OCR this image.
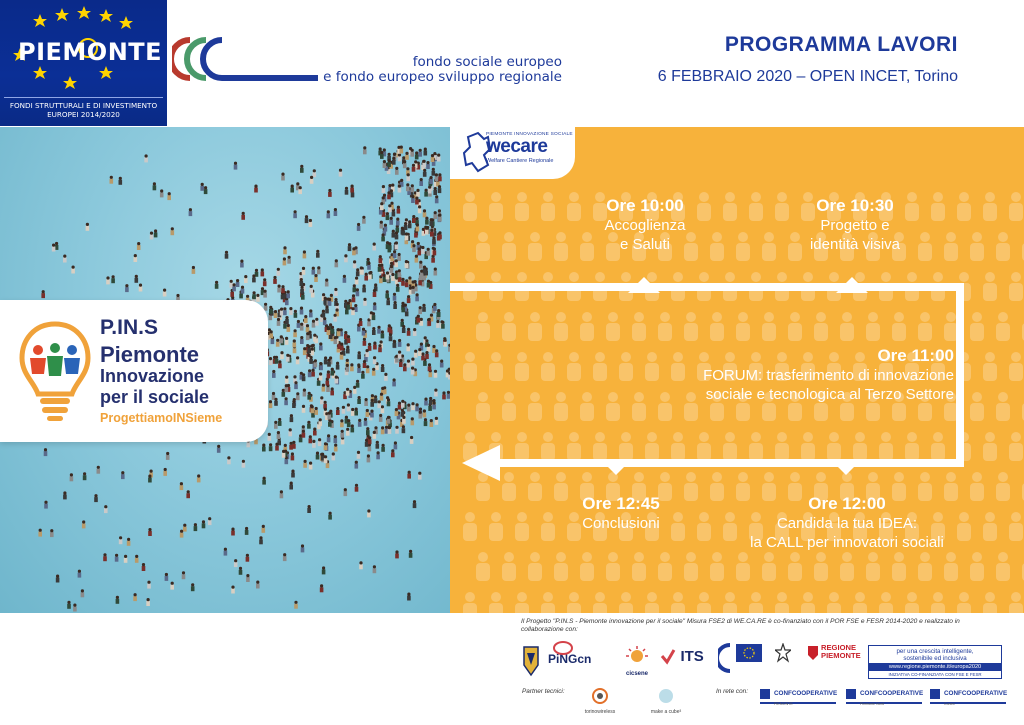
PIEMONTE
FONDI STRUTTURALI E DI INVESTIMENTO
EUROPEI 2014/2020
fondo sociale europeo
e fondo europeo sviluppo regionale
PROGRAMMA LAVORI
6 FEBBRAIO 2020 – OPEN INCET, Torino
P.IN.S
Piemonte
Innovazione
per il sociale
ProgettiamoINSieme
PIEMONTE INNOVAZIONE SOCIALE
wecare
Welfare Cantiere Regionale
Ore 10:00
Accoglienza
e Saluti
Ore 10:30
Progetto e
identità visiva
Ore 11:00
FORUM: trasferimento di innovazione
sociale e tecnologica al Terzo Settore
Ore 12:00
Candida la tua IDEA:
la CALL per innovatori sociali
Ore 12:45
Conclusioni
Il Progetto "P.IN.S - Piemonte innovazione per il sociale" Misura FSE2 di WE.CA.RE è co-finanziato con il POR FSE e FESR 2014-2020 e realizzato in collaborazione con:
PiNGcn
cicsene
ITS
Partner tecnici:
torinowireless	make a cube³
In rete con:
REGIONE PIEMONTE	per una crescita intelligente,
sostenibile ed inclusiva
www.regione.piemonte.it/europa2020
INIZIATIVA CO-FINANZIATA CON FSE E FESR
CONFCOOPERATIVE
PIEMONTE
CONFCOOPERATIVE
Piemonte Nord
CONFCOOPERATIVE
Cuneo
